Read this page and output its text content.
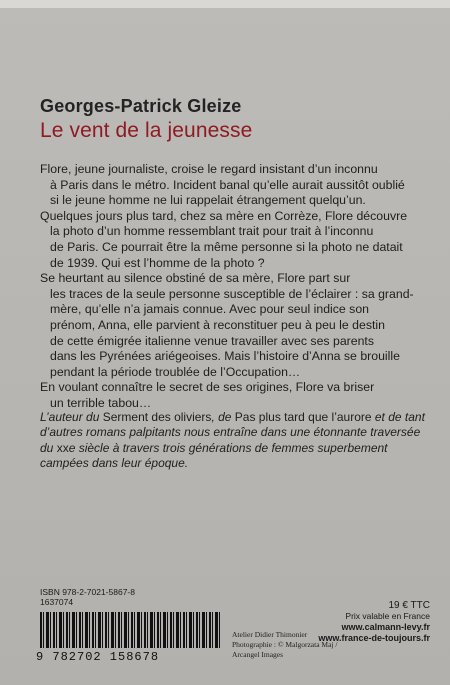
Georges-Patrick Gleize
Le vent de la jeunesse

Flore, jeune journaliste, croise le regard insistant d’un inconnu

à Paris dans le métro. Incident banal qu’elle aurait aussitôt oublié

si le jeune homme ne lui rappelait étrangement quelqu’un.

Quelques jours plus tard, chez sa mère en Corrèze, Flore découvre

la photo d’un homme ressemblant trait pour trait à l’inconnu

de Paris. Ce pourrait être la même personne si la photo ne datait

de 1939. Qui est l’homme de la photo ?

Se heurtant au silence obstiné de sa mère, Flore part sur

les traces de la seule personne susceptible de l’éclairer : sa grand-

mère, qu’elle n’a jamais connue. Avec pour seul indice son

prénom, Anna, elle parvient à reconstituer peu à peu le destin

de cette émigrée italienne venue travailler avec ses parents

dans les Pyrénées ariégeoises. Mais l’histoire d’Anna se brouille

pendant la période troublée de l’Occupation…

En voulant connaître le secret de ses origines, Flore va briser

un terrible tabou…

L’auteur du Serment des oliviers, de Pas plus tard que l’aurore et de tant d’autres romans palpitants nous entraîne dans une étonnante traversée du xxe siècle à travers trois générations de femmes superbement campées dans leur époque.
ISBN 978-2-7021-5867-8
1637074
9 782702 158678
Atelier Didier Thimonier
Photographie : © Malgorzata Maj /
Arcangel Images
19 € TTC
Prix valable en France
www.calmann-levy.fr
www.france-de-toujours.fr
